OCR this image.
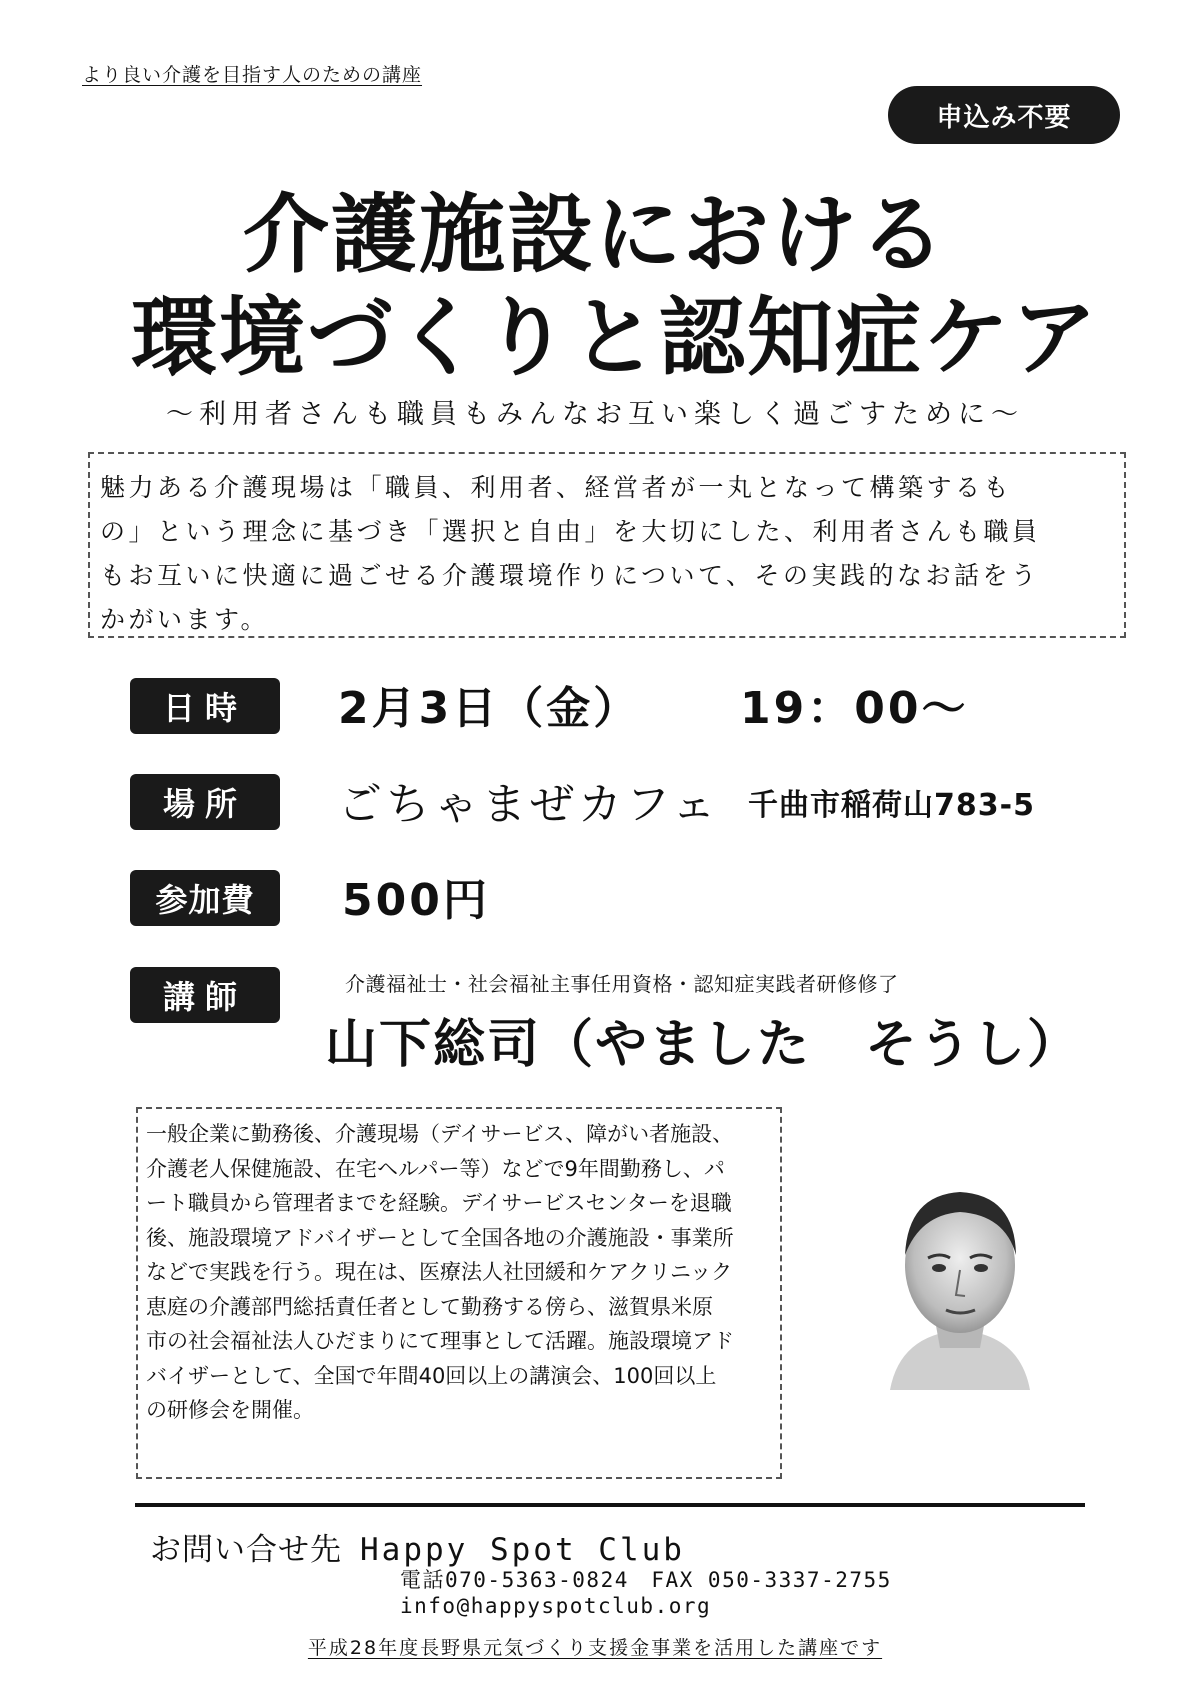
より良い介護を目指す人のための講座
申込み不要
介護施設における
環境づくりと認知症ケア
～利用者さんも職員もみんなお互い楽しく過ごすために～
魅力ある介護現場は「職員、利用者、経営者が一丸となって構築するも
の」という理念に基づき「選択と自由」を大切にした、利用者さんも職員
もお互いに快適に過ごせる介護環境作りについて、その実践的なお話をう
かがいます。
日時	2月3日（金） 19：00～
場所	ごちゃまぜカフェ 千曲市稲荷山783-5
参加費	500円
講師	介護福祉士・社会福祉主事任用資格・認知症実践者研修修了
山下総司（やました　そうし）
一般企業に勤務後、介護現場（デイサービス、障がい者施設、
介護老人保健施設、在宅ヘルパー等）などで9年間勤務し、パ
ート職員から管理者までを経験。デイサービスセンターを退職
後、施設環境アドバイザーとして全国各地の介護施設・事業所
などで実践を行う。現在は、医療法人社団緩和ケアクリニック
恵庭の介護部門総括責任者として勤務する傍ら、滋賀県米原
市の社会福祉法人ひだまりにて理事として活躍。施設環境アド
バイザーとして、全国で年間40回以上の講演会、100回以上
の研修会を開催。
お問い合せ先 Happy Spot Club
電話070-5363-0824　FAX 050-3337-2755
info@happyspotclub.org
平成28年度長野県元気づくり支援金事業を活用した講座です
